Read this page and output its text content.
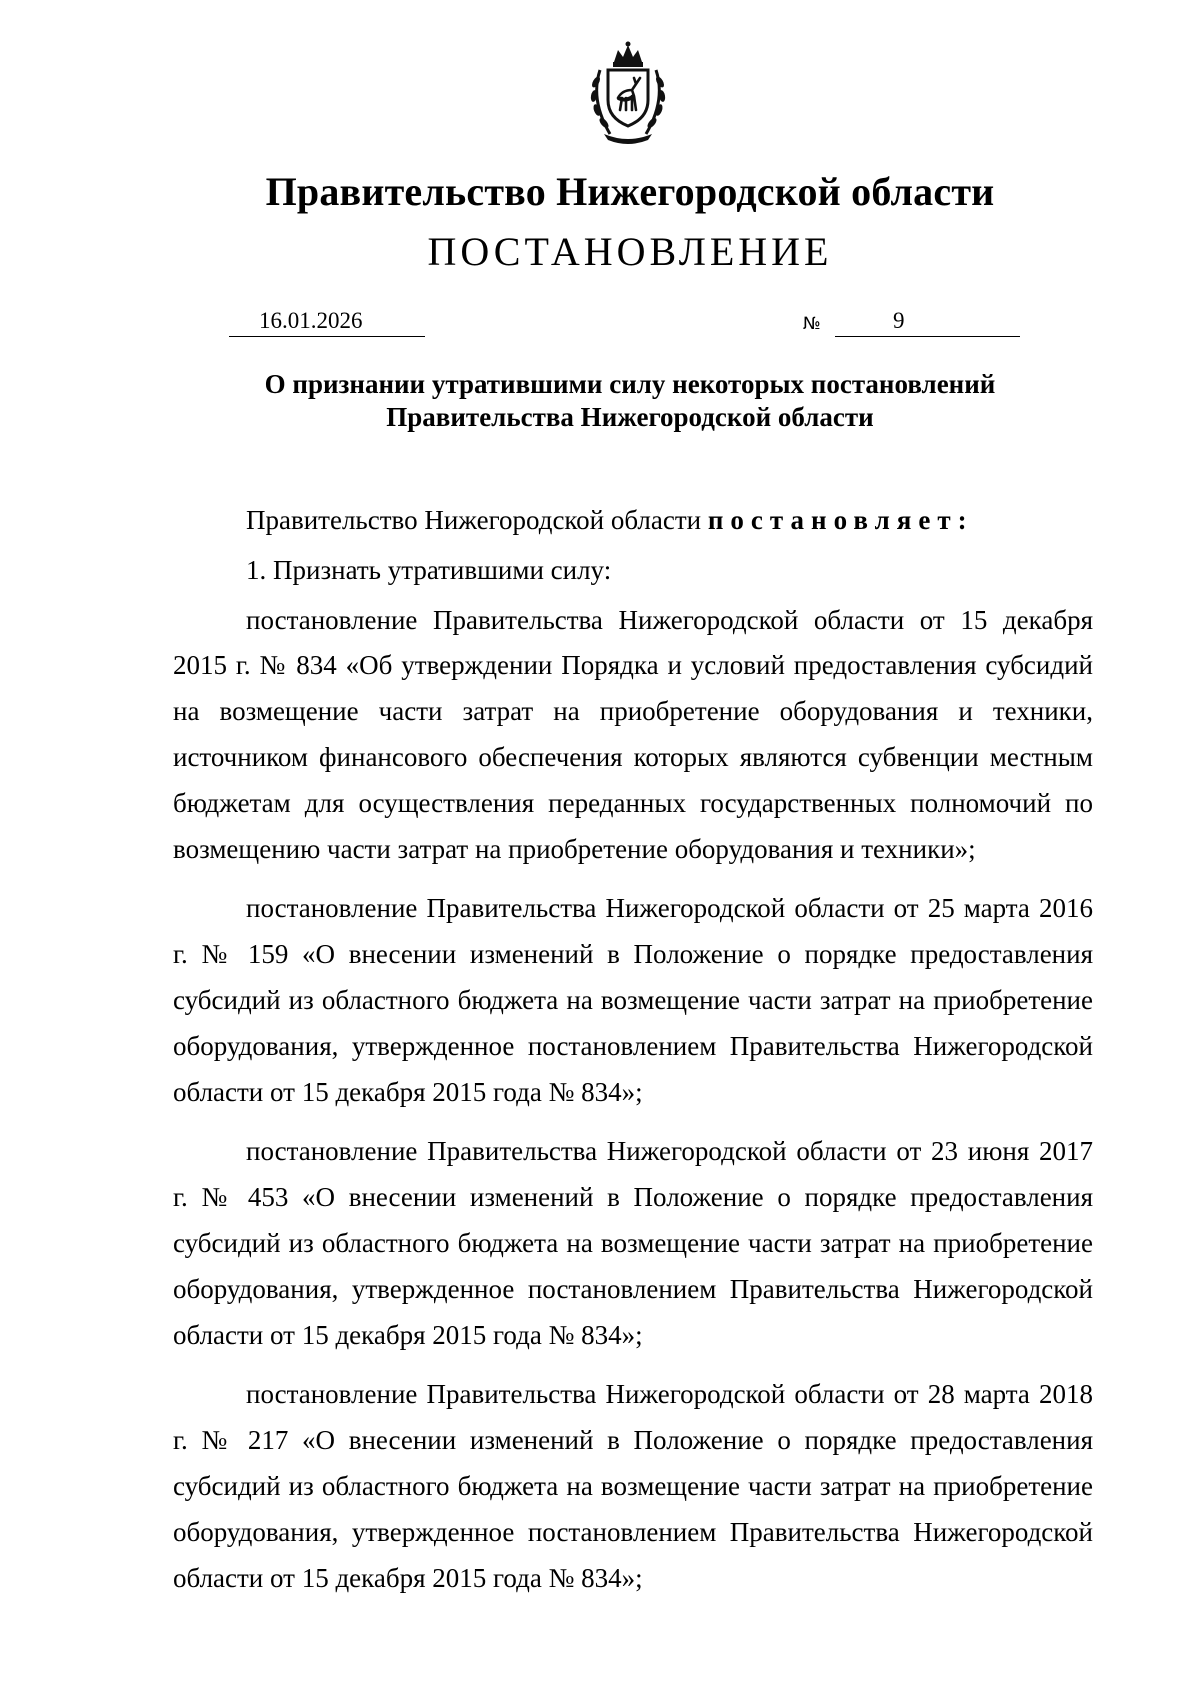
Правительство Нижегородской области
ПОСТАНОВЛЕНИЕ
16.01.2026	№	9
О признании утратившими силу некоторых постановлений
Правительства Нижегородской области

Правительство Нижегородской области постановляет:

1. Признать утратившими силу:

постановление Правительства Нижегородской области от 15 декабря 2015 г. № 834 «Об утверждении Порядка и условий предоставления субсидий на возмещение части затрат на приобретение оборудования и техники, источником финансового обеспечения которых являются субвенции местным бюджетам для осуществления переданных государственных полномочий по возмещению части затрат на приобретение оборудования и техники»;

постановление Правительства Нижегородской области от 25 марта 2016 г. № 159 «О внесении изменений в Положение о порядке предоставления субсидий из областного бюджета на возмещение части затрат на приобретение оборудования, утвержденное постановлением Правительства Нижегородской области от 15 декабря 2015 года № 834»;

постановление Правительства Нижегородской области от 23 июня 2017 г. № 453 «О внесении изменений в Положение о порядке предоставления субсидий из областного бюджета на возмещение части затрат на приобретение оборудования, утвержденное постановлением Правительства Нижегородской области от 15 декабря 2015 года № 834»;

постановление Правительства Нижегородской области от 28 марта 2018 г. № 217 «О внесении изменений в Положение о порядке предоставления субсидий из областного бюджета на возмещение части затрат на приобретение оборудования, утвержденное постановлением Правительства Нижегородской области от 15 декабря 2015 года № 834»;
